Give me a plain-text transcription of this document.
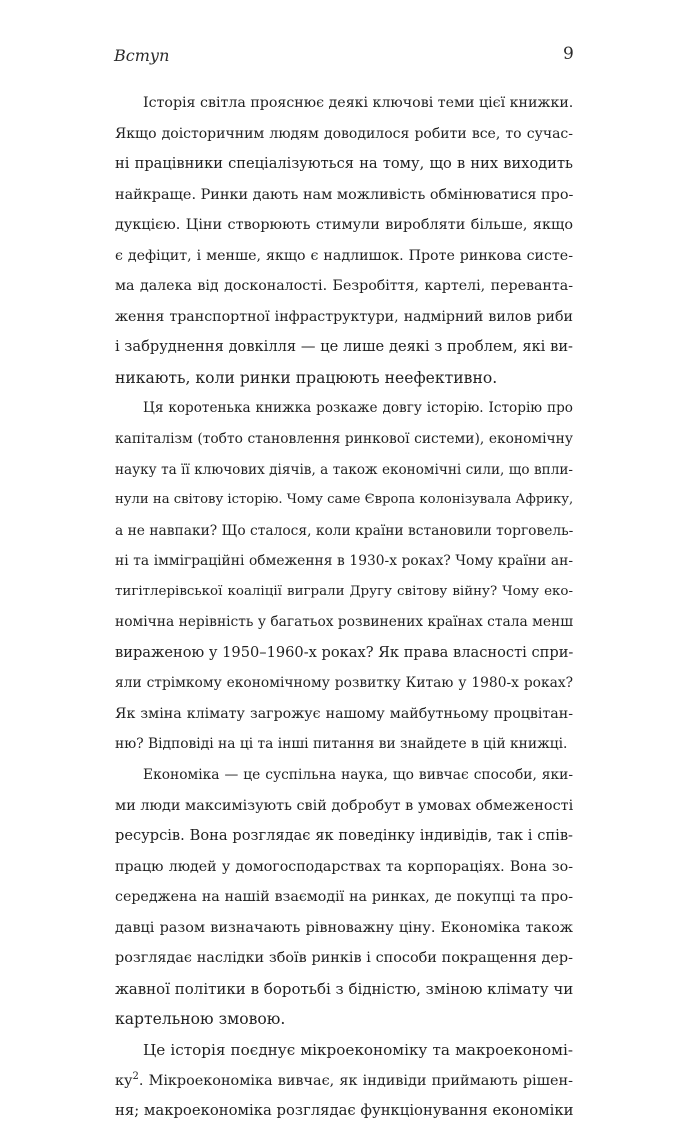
Вступ	9
Історія світла прояснює деякі ключові теми цієї книжки.
Якщо доісторичним людям доводилося робити все, то сучас-
ні працівники спеціалізуються на тому, що в них виходить
найкраще. Ринки дають нам можливість обмінюватися про-
дукцією. Ціни створюють стимули виробляти більше, якщо
є дефіцит, і менше, якщо є надлишок. Проте ринкова систе-
ма далека від досконалості. Безробіття, картелі, перевантa-
ження транспортної інфраструктури, надмірний вилов риби
і забруднення довкілля — це лише деякі з проблем, які ви-
никають, коли ринки працюють неефективно.
Ця коротенька книжка розкаже довгу історію. Історію про
капіталізм (тобто становлення ринкової системи), економічну
науку та її ключових діячів, а також економічні сили, що впли-
нули на світову історію. Чому саме Європа колонізувала Африку,
а не навпаки? Що сталося, коли країни встановили торговель-
ні та імміграційні обмеження в 1930-х роках? Чому країни ан-
тигітлерівської коаліції виграли Другу світову війну? Чому еко-
номічна нерівність у багатьох розвинених країнах стала менш
вираженою у 1950–1960-х роках? Як права власності спри-
яли стрімкому економічному розвитку Китаю у 1980-х роках?
Як зміна клімату загрожує нашому майбутньому процвітан-
ню? Відповіді на ці та інші питання ви знайдете в цій книжці.
Економіка — це суспільна наука, що вивчає способи, яки-
ми люди максимізують свій добробут в умовах обмеженості
ресурсів. Вона розглядає як поведінку індивідів, так і спів-
працю людей у домогосподарствах та корпораціях. Вона зо-
середжена на нашій взаємодії на ринках, де покупці та про-
давці разом визначають рівноважну ціну. Економіка також
розглядає наслідки збоїв ринків і способи покращення дер-
жавної політики в боротьбі з бідністю, зміною клімату чи
картельною змовою.
Це історія поєднує мікроекономіку та макроекономі-
ку$^2$. Мікроекономіка вивчає, як індивіди приймають рішен-
ня; макроекономіка розглядає функціонування економіки
